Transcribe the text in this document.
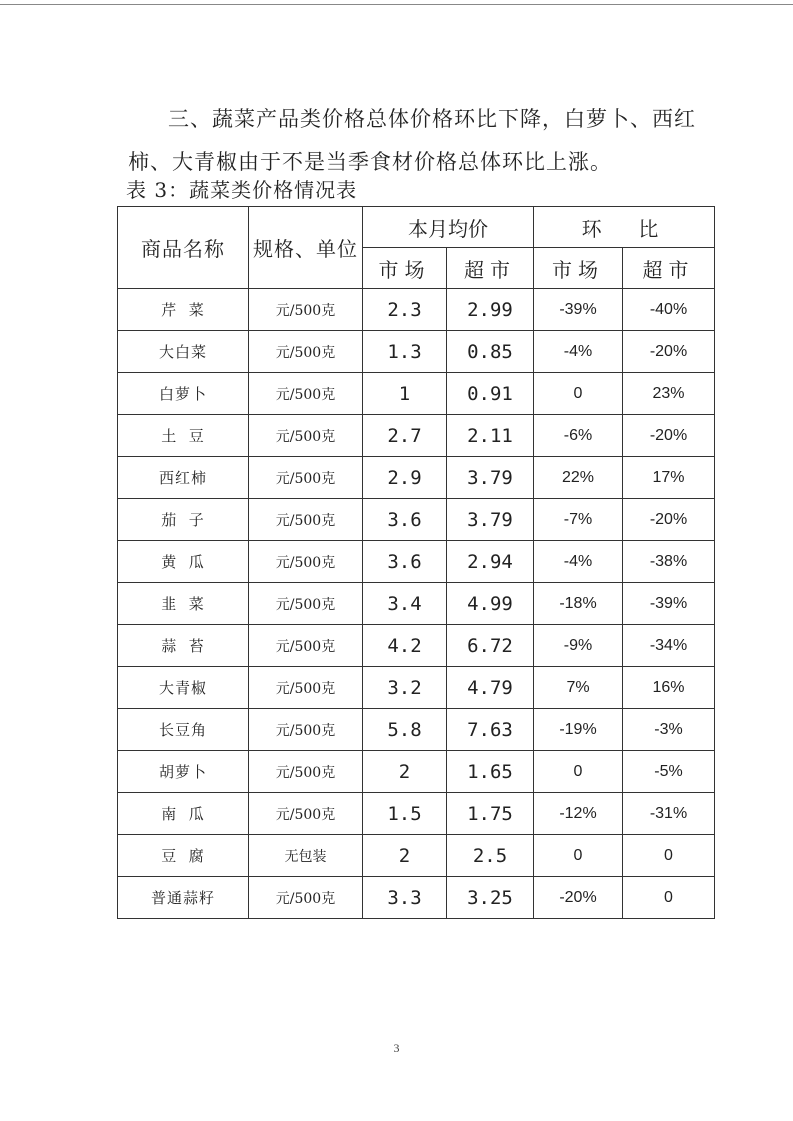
三、蔬菜产品类价格总体价格环比下降，白萝卜、西红
柿、大青椒由于不是当季食材价格总体环比上涨。
表 3：蔬菜类价格情况表
商品名称	规格、单位	本月均价		环  比	
		市场	超市	市场	超市
芹  菜	元/500克	2.3	2.99	-39%	-40%
大白菜	元/500克	1.3	0.85	-4%	-20%
白萝卜	元/500克	1	0.91	0	23%
土  豆	元/500克	2.7	2.11	-6%	-20%
西红柿	元/500克	2.9	3.79	22%	17%
茄  子	元/500克	3.6	3.79	-7%	-20%
黄  瓜	元/500克	3.6	2.94	-4%	-38%
韭  菜	元/500克	3.4	4.99	-18%	-39%
蒜  苔	元/500克	4.2	6.72	-9%	-34%
大青椒	元/500克	3.2	4.79	7%	16%
长豆角	元/500克	5.8	7.63	-19%	-3%
胡萝卜	元/500克	2	1.65	0	-5%
南  瓜	元/500克	1.5	1.75	-12%	-31%
豆  腐	无包装	2	2.5	0	0
普通蒜籽	元/500克	3.3	3.25	-20%	0
3
